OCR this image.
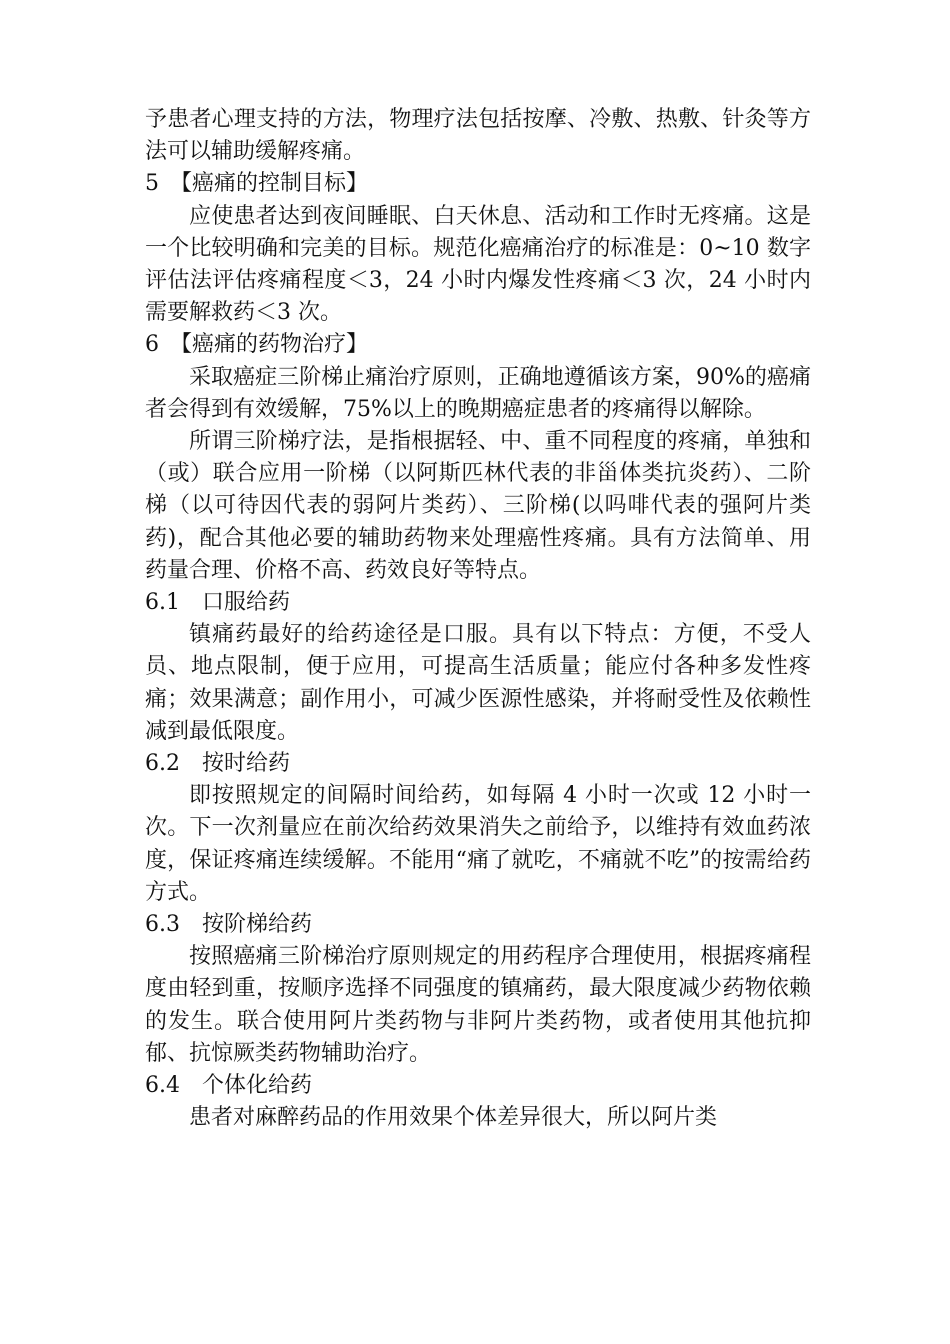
予患者心理支持的方法，物理疗法包括按摩、冷敷、热敷、针灸等方法可以辅助缓解疼痛。

5　【癌痛的控制目标】

应使患者达到夜间睡眠、白天休息、活动和工作时无疼痛。这是一个比较明确和完美的目标。规范化癌痛治疗的标准是：0~10 数字评估法评估疼痛程度＜3，24 小时内爆发性疼痛＜3 次，24 小时内需要解救药＜3 次。

6　【癌痛的药物治疗】

采取癌症三阶梯止痛治疗原则，正确地遵循该方案，90%的癌痛者会得到有效缓解，75%以上的晚期癌症患者的疼痛得以解除。

所谓三阶梯疗法，是指根据轻、中、重不同程度的疼痛，单独和（或）联合应用一阶梯（以阿斯匹林代表的非甾体类抗炎药）、二阶梯（以可待因代表的弱阿片类药）、三阶梯(以吗啡代表的强阿片类药)，配合其他必要的辅助药物来处理癌性疼痛。具有方法简单、用药量合理、价格不高、药效良好等特点。

6.1　口服给药

镇痛药最好的给药途径是口服。具有以下特点：方便，不受人员、地点限制，便于应用，可提高生活质量；能应付各种多发性疼痛；效果满意；副作用小，可减少医源性感染，并将耐受性及依赖性减到最低限度。

6.2　按时给药

即按照规定的间隔时间给药，如每隔 4 小时一次或 12 小时一次。下一次剂量应在前次给药效果消失之前给予，以维持有效血药浓度，保证疼痛连续缓解。不能用“痛了就吃，不痛就不吃”的按需给药方式。

6.3　按阶梯给药

按照癌痛三阶梯治疗原则规定的用药程序合理使用，根据疼痛程度由轻到重，按顺序选择不同强度的镇痛药，最大限度减少药物依赖的发生。联合使用阿片类药物与非阿片类药物，或者使用其他抗抑郁、抗惊厥类药物辅助治疗。

6.4　个体化给药

患者对麻醉药品的作用效果个体差异很大，所以阿片类
